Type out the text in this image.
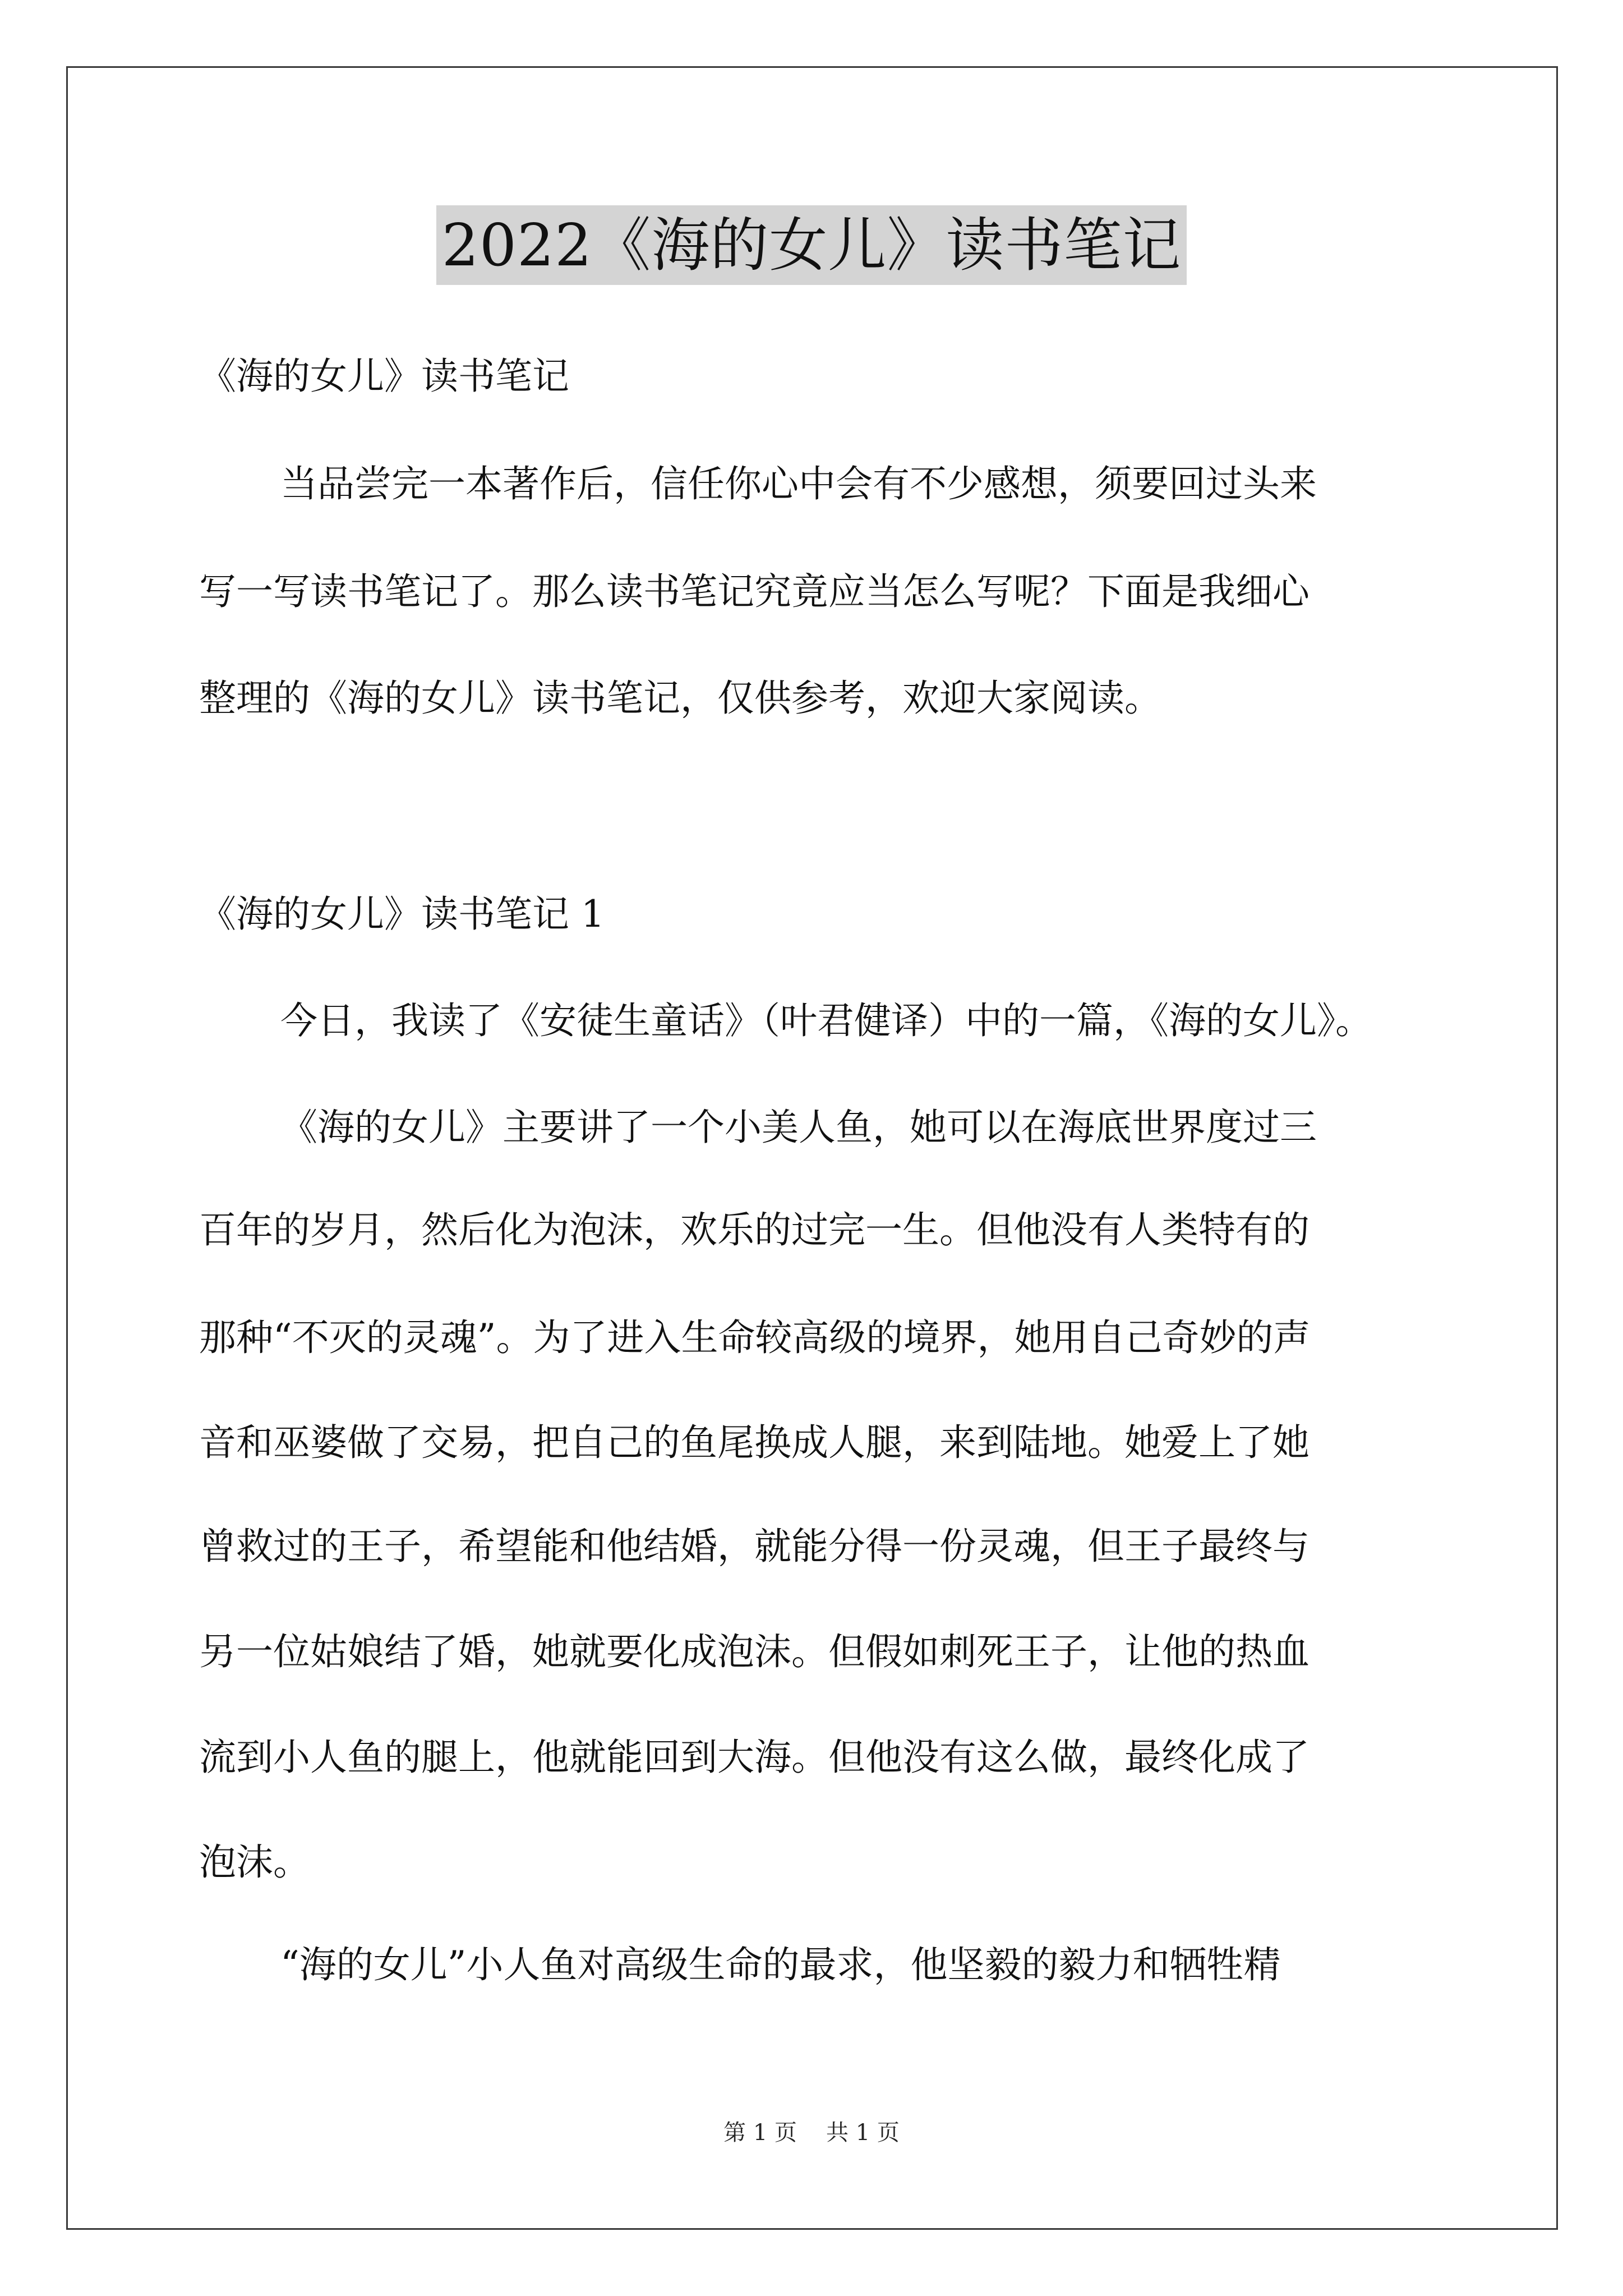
2022《海的女儿》读书笔记
《海的女儿》读书笔记
当品尝完一本著作后，信任你心中会有不少感想，须要回过头来
写一写读书笔记了。那么读书笔记究竟应当怎么写呢？下面是我细心
整理的《海的女儿》读书笔记，仅供参考，欢迎大家阅读。
《海的女儿》读书笔记 1
今日，我读了《安徒生童话》（叶君健译）中的一篇，《海的女儿》。
《海的女儿》主要讲了一个小美人鱼，她可以在海底世界度过三
百年的岁月，然后化为泡沫，欢乐的过完一生。但他没有人类特有的
那种“不灭的灵魂”。为了进入生命较高级的境界，她用自己奇妙的声
音和巫婆做了交易，把自己的鱼尾换成人腿，来到陆地。她爱上了她
曾救过的王子，希望能和他结婚，就能分得一份灵魂，但王子最终与
另一位姑娘结了婚，她就要化成泡沫。但假如刺死王子，让他的热血
流到小人鱼的腿上，他就能回到大海。但他没有这么做，最终化成了
泡沫。
“海的女儿”小人鱼对高级生命的最求，他坚毅的毅力和牺牲精
第 1 页 共 1 页
